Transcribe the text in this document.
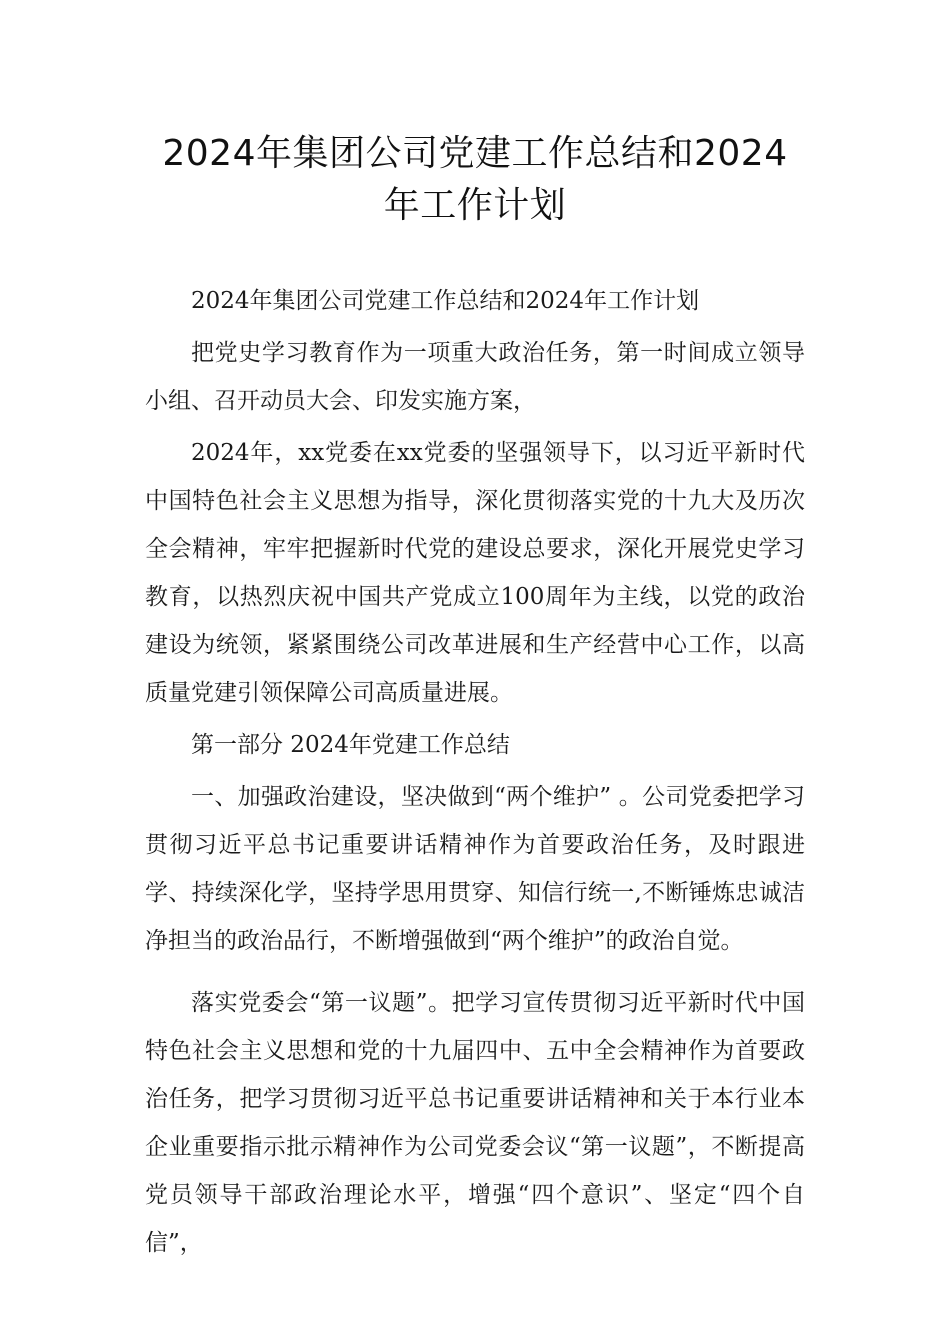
2024年集团公司党建工作总结和2024
年工作计划

2024年集团公司党建工作总结和2024年工作计划

把党史学习教育作为一项重大政治任务，第一时间成立领导小组、召开动员大会、印发实施方案，

2024年，xx党委在xx党委的坚强领导下，以习近平新时代中国特色社会主义思想为指导，深化贯彻落实党的十九大及历次全会精神，牢牢把握新时代党的建设总要求，深化开展党史学习教育，以热烈庆祝中国共产党成立100周年为主线，以党的政治建设为统领，紧紧围绕公司改革进展和生产经营中心工作，以高质量党建引领保障公司高质量进展。

第一部分 2024年党建工作总结

一、加强政治建设，坚决做到“两个维护” 。公司党委把学习贯彻习近平总书记重要讲话精神作为首要政治任务，及时跟进学、持续深化学，坚持学思用贯穿、知信行统一,不断锤炼忠诚洁净担当的政治品行，不断增强做到“两个维护”的政治自觉。

落实党委会“第一议题”。把学习宣传贯彻习近平新时代中国特色社会主义思想和党的十九届四中、五中全会精神作为首要政治任务，把学习贯彻习近平总书记重要讲话精神和关于本行业本企业重要指示批示精神作为公司党委会议“第一议题”，不断提高党员领导干部政治理论水平，增强“四个意识”、坚定“四个自信”，
